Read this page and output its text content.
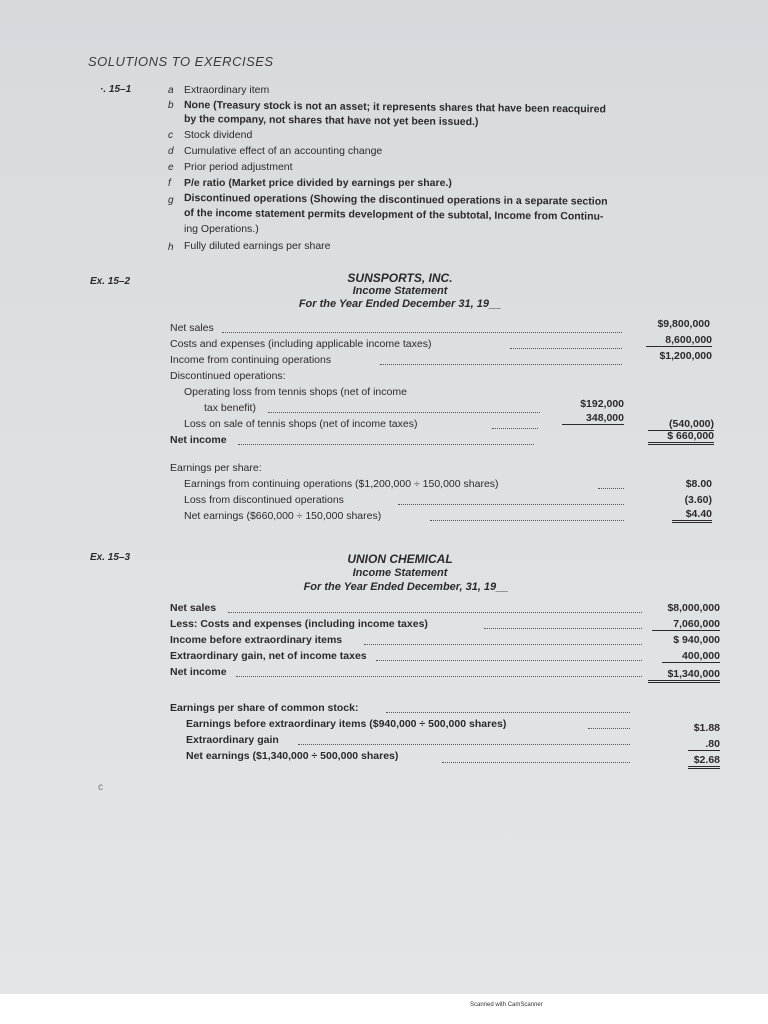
SOLUTIONS TO EXERCISES
·. 15–1	a Extraordinary item
b None (Treasury stock is not an asset; it represents shares that have been reacquired
by the company, not shares that have not yet been issued.)
c	Stock dividend
d Cumulative effect of an accounting change
e Prior period adjustment
f	P/e ratio (Market price divided by earnings per share.)
g Discontinued operations (Showing the discontinued operations in a separate section
of the income statement permits development of the subtotal, Income from Continu-
ing Operations.)
h Fully diluted earnings per share
Ex. 15–2	SUNSPORTS, INC.
Income Statement
For the Year Ended December 31, 19__
Net sales	$9,800,000
Costs and expenses (including applicable income taxes)	8,600,000
Income from continuing operations	$1,200,000
Discontinued operations:
Operating loss from tennis shops (net of income
tax benefit)	$192,000
Loss on sale of tennis shops (net of income taxes)	348,000	(540,000)
Net income	$ 660,000
Earnings per share:
Earnings from continuing operations ($1,200,000 ÷ 150,000 shares)	$8.00
Loss from discontinued operations	(3.60)
Net earnings ($660,000 ÷ 150,000 shares)	$4.40
Ex. 15–3	UNION CHEMICAL
Income Statement
For the Year Ended December, 31, 19__
Net sales	$8,000,000
Less: Costs and expenses (including income taxes)	7,060,000
Income before extraordinary items	$ 940,000
Extraordinary gain, net of income taxes	400,000
Net income	$1,340,000
Earnings per share of common stock:
Earnings before extraordinary items ($940,000 ÷ 500,000 shares)	$1.88
Extraordinary gain	.80
Net earnings ($1,340,000 ÷ 500,000 shares)	$2.68
c
Scanned with CamScanner
